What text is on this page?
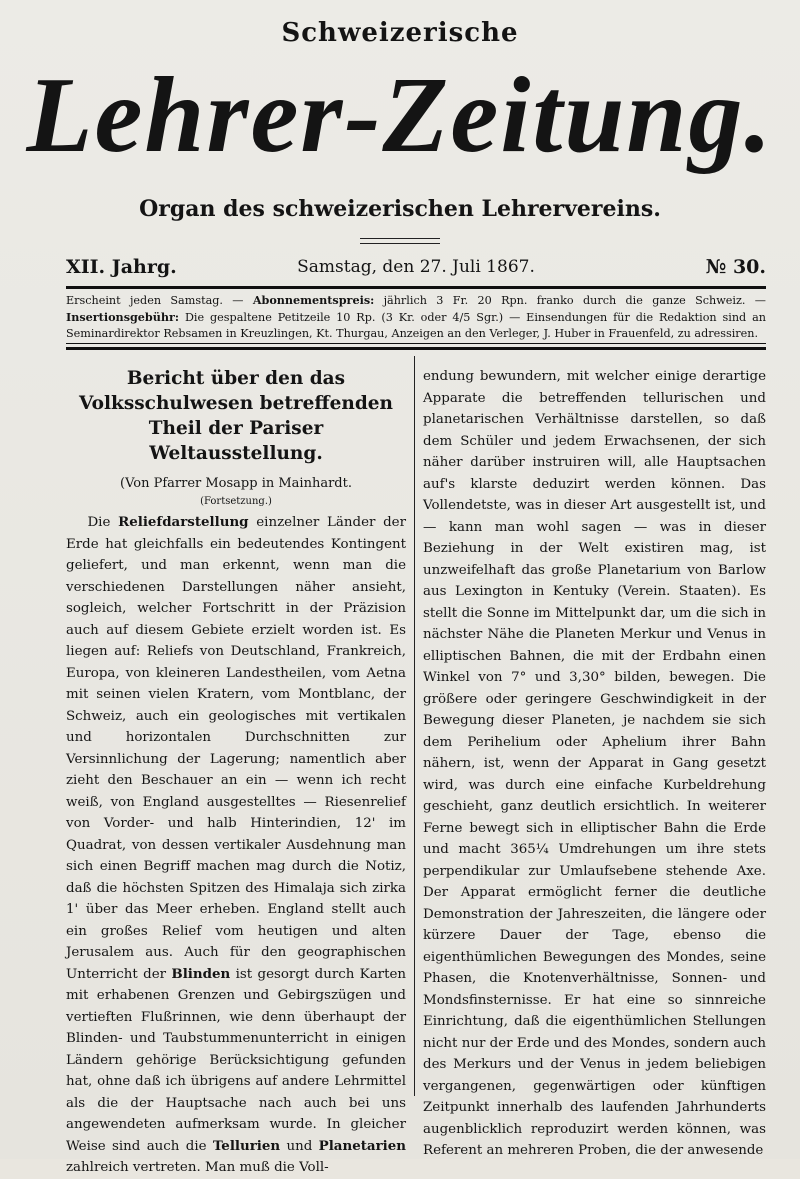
Schweizerische
Lehrer-Zeitung.
Organ des schweizerischen Lehrervereins.
XII. Jahrg.	Samstag, den 27. Juli 1867.	№ 30.
Erscheint jeden Samstag. — Abonnementspreis: jährlich 3 Fr. 20 Rpn. franko durch die ganze Schweiz. — Insertionsgebühr: Die gespaltene Petitzeile 10 Rp. (3 Kr. oder 4/5 Sgr.) — Einsendungen für die Redaktion sind an Seminardirektor Rebsamen in Kreuzlingen, Kt. Thurgau, Anzeigen an den Verleger, J. Huber in Frauenfeld, zu adressiren.
Bericht über den das Volksschulwesen betreffenden Theil der Pariser Weltausstellung.
(Von Pfarrer Mosapp in Mainhardt.
(Fortsetzung.)

Die Reliefdarstellung einzelner Länder der Erde hat gleichfalls ein bedeutendes Kontingent geliefert, und man erkennt, wenn man die verschiedenen Darstellungen näher ansieht, sogleich, welcher Fortschritt in der Präzision auch auf diesem Gebiete erzielt worden ist. Es liegen auf: Reliefs von Deutschland, Frankreich, Europa, von kleineren Landestheilen, vom Aetna mit seinen vielen Kratern, vom Montblanc, der Schweiz, auch ein geologisches mit vertikalen und horizontalen Durchschnitten zur Versinnlichung der Lagerung; namentlich aber zieht den Beschauer an ein — wenn ich recht weiß, von England ausgestelltes — Riesenrelief von Vorder- und halb Hinterindien, 12' im Quadrat, von dessen vertikaler Ausdehnung man sich einen Begriff machen mag durch die Notiz, daß die höchsten Spitzen des Himalaja sich zirka 1' über das Meer erheben. England stellt auch ein großes Relief vom heutigen und alten Jerusalem aus. Auch für den geographischen Unterricht der Blinden ist gesorgt durch Karten mit erhabenen Grenzen und Gebirgszügen und vertieften Flußrinnen, wie denn überhaupt der Blinden- und Taubstummenunterricht in einigen Ländern gehörige Berücksichtigung gefunden hat, ohne daß ich übrigens auf andere Lehrmittel als die der Hauptsache nach auch bei uns angewendeten aufmerksam wurde. In gleicher Weise sind auch die Tellurien und Planetarien zahlreich vertreten. Man muß die Voll-

endung bewundern, mit welcher einige derartige Apparate die betreffenden tellurischen und planetarischen Verhältnisse darstellen, so daß dem Schüler und jedem Erwachsenen, der sich näher darüber instruiren will, alle Hauptsachen auf's klarste deduzirt werden können. Das Vollendetste, was in dieser Art ausgestellt ist, und — kann man wohl sagen — was in dieser Beziehung in der Welt existiren mag, ist unzweifelhaft das große Planetarium von Barlow aus Lexington in Kentuky (Verein. Staaten). Es stellt die Sonne im Mittelpunkt dar, um die sich in nächster Nähe die Planeten Merkur und Venus in elliptischen Bahnen, die mit der Erdbahn einen Winkel von 7° und 3,30° bilden, bewegen. Die größere oder geringere Geschwindigkeit in der Bewegung dieser Planeten, je nachdem sie sich dem Perihelium oder Aphelium ihrer Bahn nähern, ist, wenn der Apparat in Gang gesetzt wird, was durch eine einfache Kurbeldrehung geschieht, ganz deutlich ersichtlich. In weiterer Ferne bewegt sich in elliptischer Bahn die Erde und macht 365¼ Umdrehungen um ihre stets perpendikular zur Umlaufsebene stehende Axe. Der Apparat ermöglicht ferner die deutliche Demonstration der Jahreszeiten, die längere oder kürzere Dauer der Tage, ebenso die eigenthümlichen Bewegungen des Mondes, seine Phasen, die Knotenverhältnisse, Sonnen- und Mondsfinsternisse. Er hat eine so sinnreiche Einrichtung, daß die eigenthümlichen Stellungen nicht nur der Erde und des Mondes, sondern auch des Merkurs und der Venus in jedem beliebigen vergangenen, gegenwärtigen oder künftigen Zeitpunkt innerhalb des laufenden Jahrhunderts augenblicklich reproduzirt werden können, was Referent an mehreren Proben, die der anwesende
